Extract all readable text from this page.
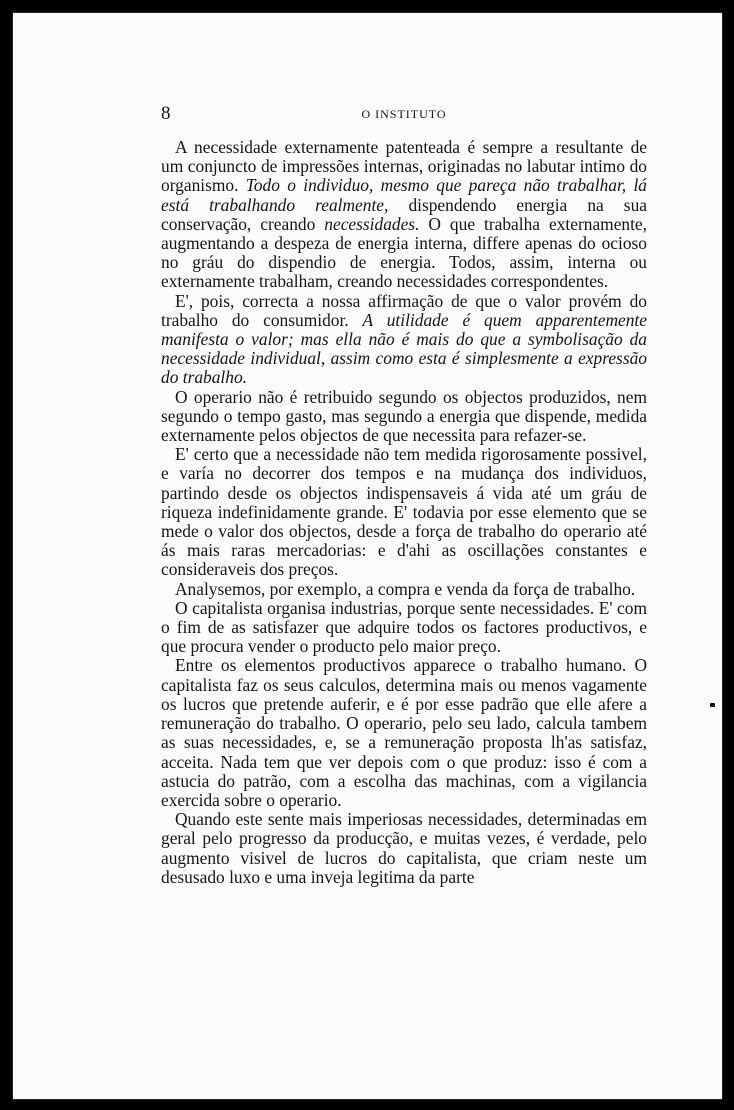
8	O INSTITUTO

A necessidade externamente patenteada é sempre a resultante de um conjuncto de impressões internas, originadas no labutar intimo do organismo. Todo o individuo, mesmo que pareça não trabalhar, lá está trabalhando realmente, dispendendo energia na sua conservação, creando necessidades. O que trabalha externamente, augmentando a despeza de energia interna, differe apenas do ocioso no gráu do dispendio de energia. Todos, assim, interna ou externamente trabalham, creando necessidades correspondentes.

E', pois, correcta a nossa affirmação de que o valor provém do trabalho do consumidor. A utilidade é quem apparentemente manifesta o valor; mas ella não é mais do que a symbolisação da necessidade individual, assim como esta é simplesmente a expressão do trabalho.

O operario não é retribuido segundo os objectos produzidos, nem segundo o tempo gasto, mas segundo a energia que dispende, medida externamente pelos objectos de que necessita para refazer-se.

E' certo que a necessidade não tem medida rigorosamente possivel, e varía no decorrer dos tempos e na mudança dos individuos, partindo desde os objectos indispensaveis á vida até um gráu de riqueza indefinidamente grande. E' todavia por esse elemento que se mede o valor dos objectos, desde a força de trabalho do operario até ás mais raras mercadorias: e d'ahi as oscillações constantes e consideraveis dos preços.

Analysemos, por exemplo, a compra e venda da força de trabalho.

O capitalista organisa industrias, porque sente necessidades. E' com o fim de as satisfazer que adquire todos os factores productivos, e que procura vender o producto pelo maior preço.

Entre os elementos productivos apparece o trabalho humano. O capitalista faz os seus calculos, determina mais ou menos vagamente os lucros que pretende auferir, e é por esse padrão que elle afere a remuneração do trabalho. O operario, pelo seu lado, calcula tambem as suas necessidades, e, se a remuneração proposta lh'as satisfaz, acceita. Nada tem que ver depois com o que produz: isso é com a astucia do patrão, com a escolha das machinas, com a vigilancia exercida sobre o operario.

Quando este sente mais imperiosas necessidades, determinadas em geral pelo progresso da producção, e muitas vezes, é verdade, pelo augmento visivel de lucros do capitalista, que criam neste um desusado luxo e uma inveja legitima da parte
